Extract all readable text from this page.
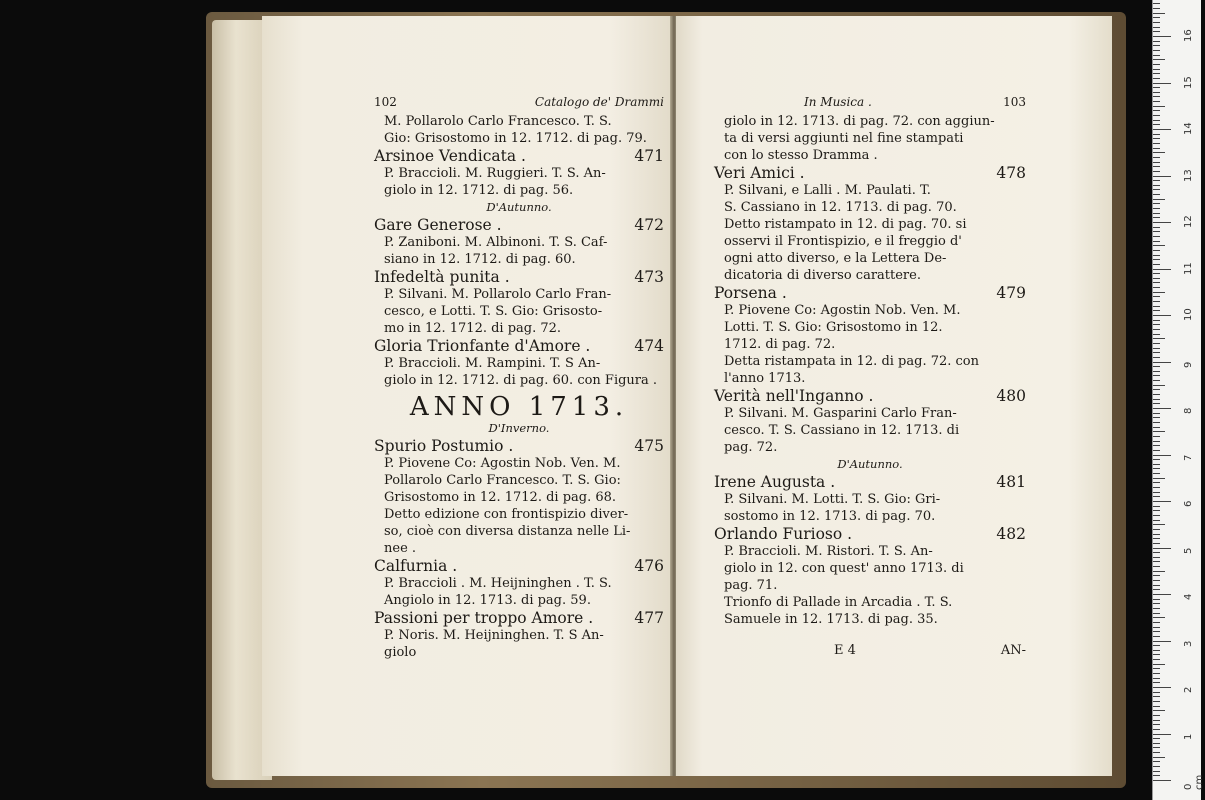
102	Catalogo de' Drammi
M. Pollarolo Carlo Francesco. T. S.
Gio: Grisostomo in 12. 1712. di pag. 79.
Arsinoe Vendicata .	471
P. Braccioli. M. Ruggieri. T. S. An-
giolo in 12. 1712. di pag. 56.
D'Autunno.
Gare Generose .	472
P. Zaniboni. M. Albinoni. T. S. Caf-
siano in 12. 1712. di pag. 60.
Infedeltà punita .	473
P. Silvani. M. Pollarolo Carlo Fran-
cesco, e Lotti. T. S. Gio: Grisosto-
mo in 12. 1712. di pag. 72.
Gloria Trionfante d'Amore .	474
P. Braccioli. M. Rampini. T. S An-
giolo in 12. 1712. di pag. 60. con Figura .
ANNO 1713.
D'Inverno.
Spurio Postumio .	475
P. Piovene Co: Agostin Nob. Ven. M.
Pollarolo Carlo Francesco. T. S. Gio:
Grisostomo in 12. 1712. di pag. 68.
Detto edizione con frontispizio diver-
so, cioè con diversa distanza nelle Li-
nee .
Calfurnia .	476
P. Braccioli . M. Heijninghen . T. S.
Angiolo in 12. 1713. di pag. 59.
Passioni per troppo Amore .	477
P. Noris. M. Heijninghen. T. S An-
giolo
In Musica .	103
giolo in 12. 1713. di pag. 72. con aggiun-
ta di versi aggiunti nel fine stampati
con lo stesso Dramma .
Veri Amici .	478
P. Silvani, e Lalli . M. Paulati. T.
S. Cassiano in 12. 1713. di pag. 70.
Detto ristampato in 12. di pag. 70. si
osservi il Frontispizio, e il freggio d'
ogni atto diverso, e la Lettera De-
dicatoria di diverso carattere.
Porsena .	479
P. Piovene Co: Agostin Nob. Ven. M.
Lotti. T. S. Gio: Grisostomo in 12.
1712. di pag. 72.
Detta ristampata in 12. di pag. 72. con
l'anno 1713.
Verità nell'Inganno .	480
P. Silvani. M. Gasparini Carlo Fran-
cesco. T. S. Cassiano in 12. 1713. di
pag. 72.
D'Autunno.
Irene Augusta .	481
P. Silvani. M. Lotti. T. S. Gio: Gri-
sostomo in 12. 1713. di pag. 70.
Orlando Furioso .	482
P. Braccioli. M. Ristori. T. S. An-
giolo in 12. con quest' anno 1713. di
pag. 71.
Trionfo di Pallade in Arcadia . T. S.
Samuele in 12. 1713. di pag. 35.
E 4	AN-
0 cm
1
2
3
4
5
6
7
8
9
10
11
12
13
14
15
16
